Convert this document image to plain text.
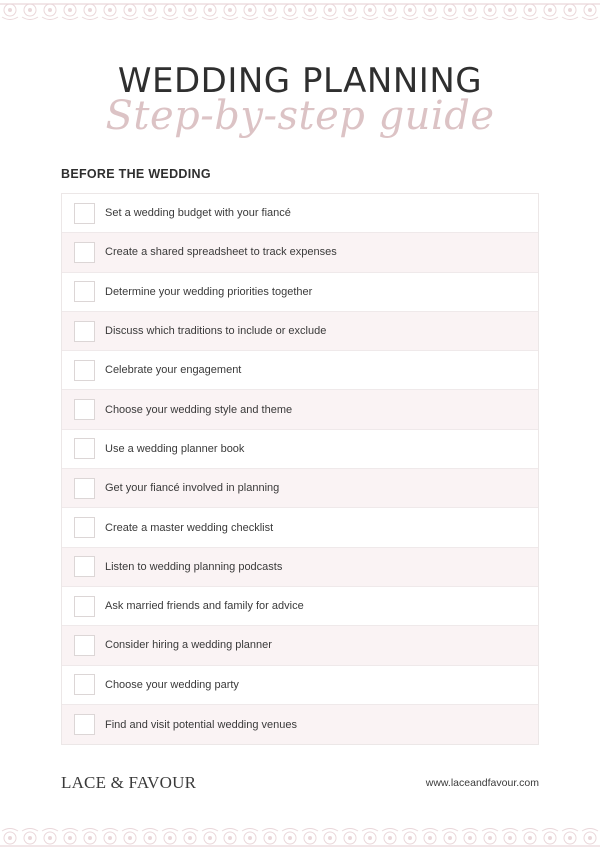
WEDDING PLANNING
Step-by-step guide
BEFORE THE WEDDING
Set a wedding budget with your fiancé
Create a shared spreadsheet to track expenses
Determine your wedding priorities together
Discuss which traditions to include or exclude
Celebrate your engagement
Choose your wedding style and theme
Use a wedding planner book
Get your fiancé involved in planning
Create a master wedding checklist
Listen to wedding planning podcasts
Ask married friends and family for advice
Consider hiring a wedding planner
Choose your wedding party
Find and visit potential wedding venues
LACE & FAVOUR	www.laceandfavour.com
